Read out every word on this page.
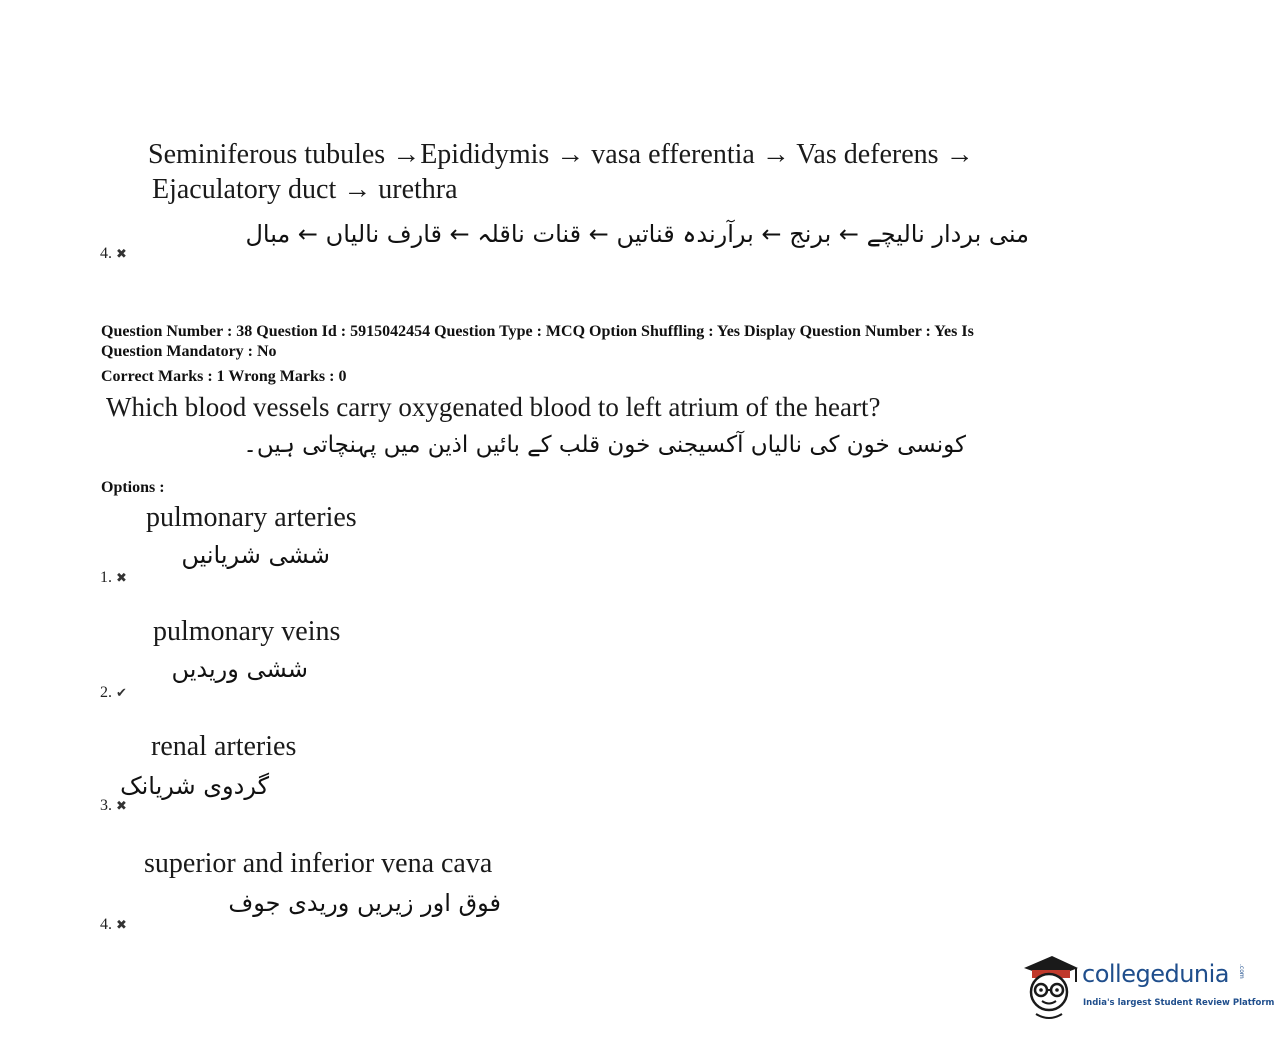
Seminiferous tubules →Epididymis → vasa efferentia → Vas deferens →
Ejaculatory duct → urethra
منی بردار نالیچے ← برنج ← برآرندہ قناتیں ← قنات ناقلہ ← قارف نالیاں ← مبال
4. ✖
Question Number : 38 Question Id : 5915042454 Question Type : MCQ Option Shuffling : Yes Display Question Number : Yes Is
Question Mandatory : No
Correct Marks : 1 Wrong Marks : 0
Which blood vessels carry oxygenated blood to left atrium of the heart?
کونسی خون کی نالیاں آکسیجنی خون قلب کے بائیں اذین میں پہنچاتی ہیں۔
Options :
pulmonary arteries
ششی شریانیں
1. ✖
pulmonary veins
ششی وریدیں
2. ✔
renal arteries
گردوی شریانک
3. ✖
superior and inferior vena cava
فوق اور زیریں وریدی جوف
4. ✖
collegedunia .com
India's largest Student Review Platform
